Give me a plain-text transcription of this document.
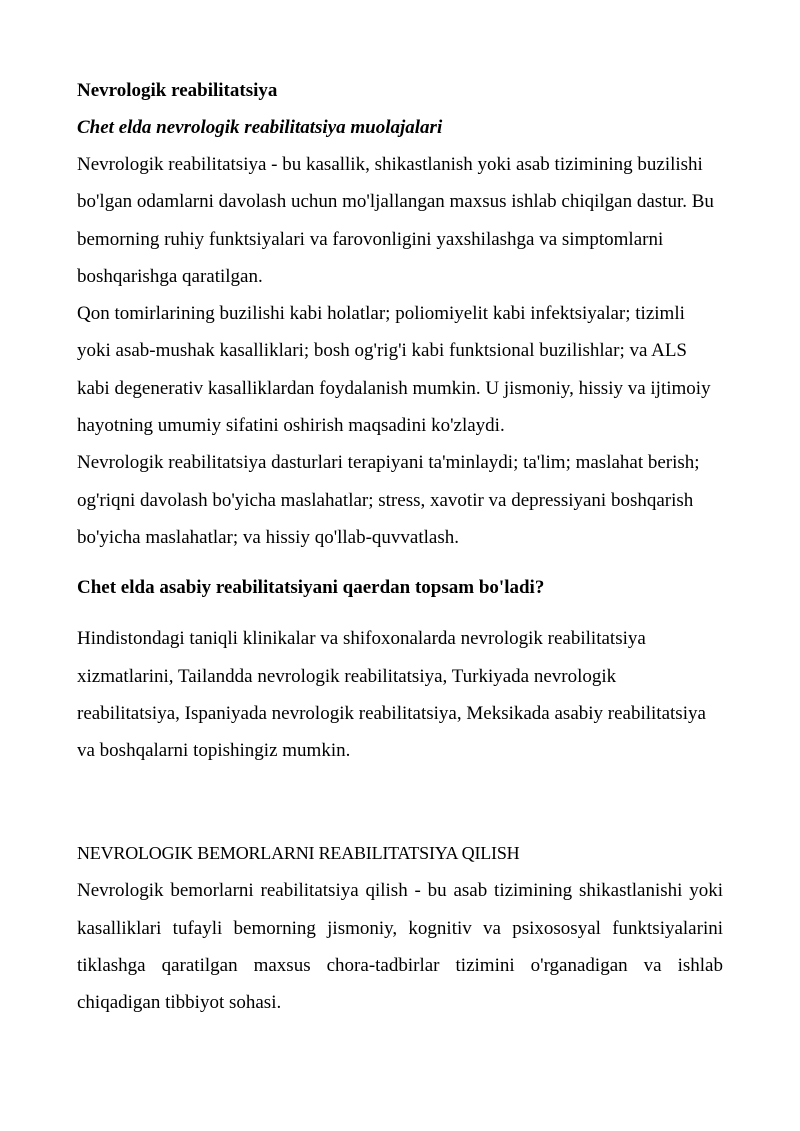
Nevrologik reabilitatsiya

Chet elda nevrologik reabilitatsiya muolajalari

Nevrologik reabilitatsiya - bu kasallik, shikastlanish yoki asab tizimining buzilishi bo'lgan odamlarni davolash uchun mo'ljallangan maxsus ishlab chiqilgan dastur. Bu bemorning ruhiy funktsiyalari va farovonligini yaxshilashga va simptomlarni boshqarishga qaratilgan.

Qon tomirlarining buzilishi kabi holatlar; poliomiyelit kabi infektsiyalar; tizimli yoki asab-mushak kasalliklari; bosh og'rig'i kabi funktsional buzilishlar; va ALS kabi degenerativ kasalliklardan foydalanish mumkin. U jismoniy, hissiy va ijtimoiy hayotning umumiy sifatini oshirish maqsadini ko'zlaydi.

Nevrologik reabilitatsiya dasturlari terapiyani ta'minlaydi; ta'lim; maslahat berish; og'riqni davolash bo'yicha maslahatlar; stress, xavotir va depressiyani boshqarish bo'yicha maslahatlar; va hissiy qo'llab-quvvatlash.

Chet elda asabiy reabilitatsiyani qaerdan topsam bo'ladi?

Hindistondagi taniqli klinikalar va shifoxonalarda nevrologik reabilitatsiya xizmatlarini, Tailandda nevrologik reabilitatsiya, Turkiyada nevrologik reabilitatsiya, Ispaniyada nevrologik reabilitatsiya, Meksikada asabiy reabilitatsiya va boshqalarni topishingiz mumkin.

NEVROLOGIK BEMORLARNI REABILITATSIYA QILISH

Nevrologik bemorlarni reabilitatsiya qilish - bu asab tizimining shikastlanishi yoki kasalliklari tufayli bemorning jismoniy, kognitiv va psixososyal funktsiyalarini tiklashga qaratilgan maxsus chora-tadbirlar tizimini o'rganadigan va ishlab chiqadigan tibbiyot sohasi.
